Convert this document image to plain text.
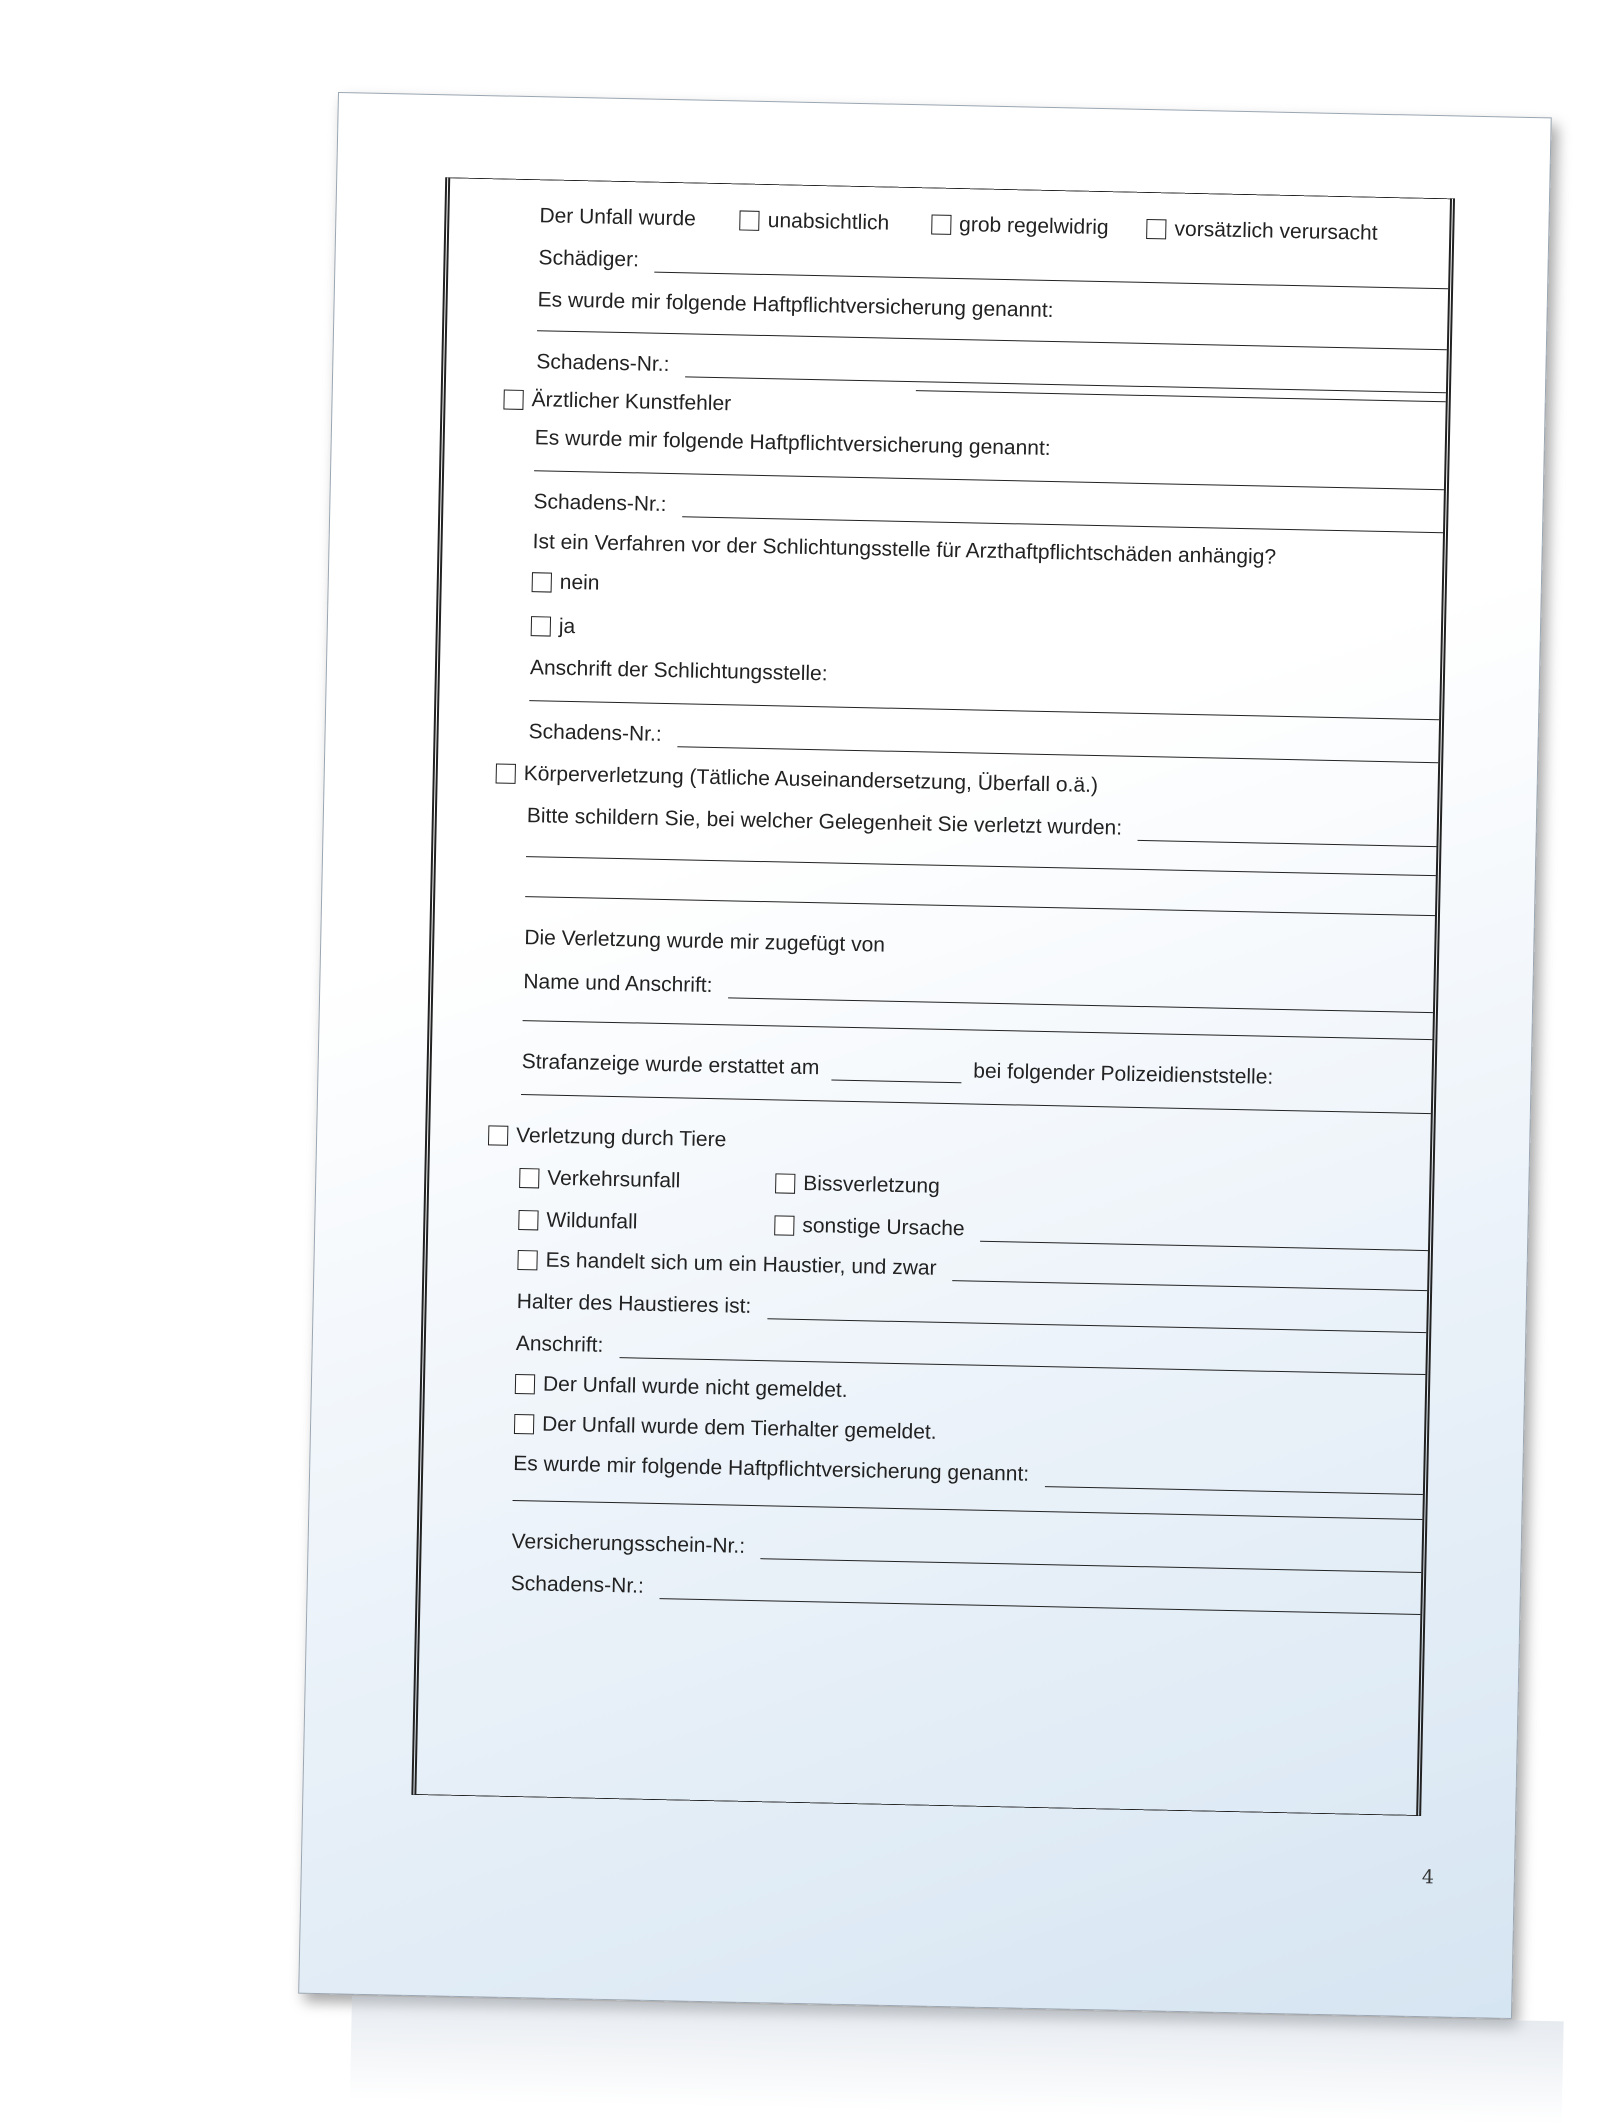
Der Unfall wurde	unabsichtlich	grob regelwidrig	vorsätzlich verursacht
Schädiger:
Es wurde mir folgende Haftpflichtversicherung genannt:
Schadens-Nr.:
Ärztlicher Kunstfehler
Es wurde mir folgende Haftpflichtversicherung genannt:
Schadens-Nr.:
Ist ein Verfahren vor der Schlichtungsstelle für Arzthaftpflichtschäden anhängig?
nein
ja
Anschrift der Schlichtungsstelle:
Schadens-Nr.:
Körperverletzung (Tätliche Auseinandersetzung, Überfall o.ä.)
Bitte schildern Sie, bei welcher Gelegenheit Sie verletzt wurden:
Die Verletzung wurde mir zugefügt von
Name und Anschrift:
Strafanzeige wurde erstattet am	bei folgender Polizeidienststelle:
Verletzung durch Tiere
Verkehrsunfall	Bissverletzung
Wildunfall	sonstige Ursache
Es handelt sich um ein Haustier, und zwar
Halter des Haustieres ist:
Anschrift:
Der Unfall wurde nicht gemeldet.
Der Unfall wurde dem Tierhalter gemeldet.
Es wurde mir folgende Haftpflichtversicherung genannt:
Versicherungsschein-Nr.:
Schadens-Nr.:
4
